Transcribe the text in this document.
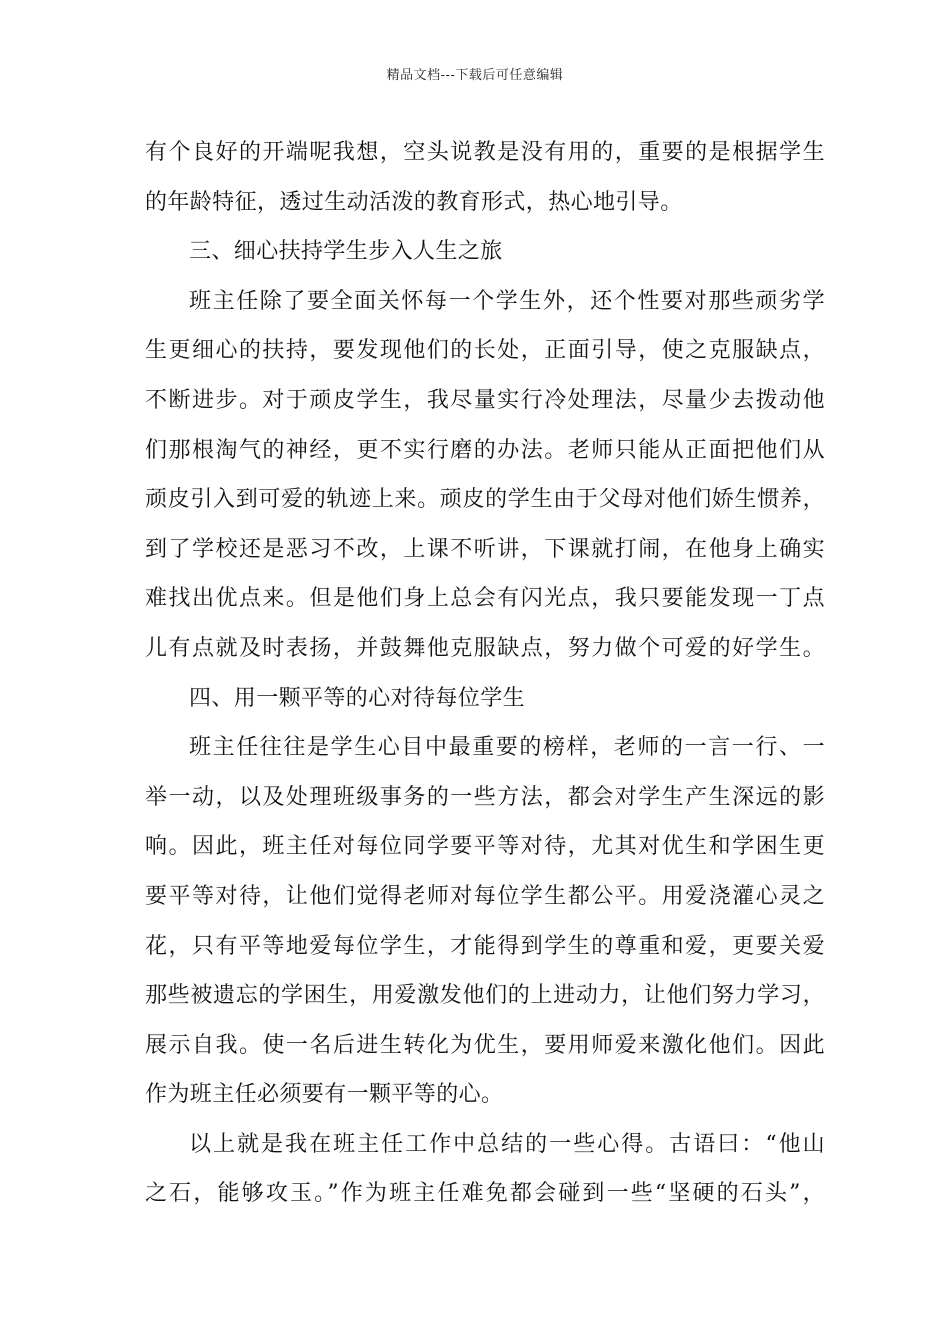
精品文档---下载后可任意编辑
有个良好的开端呢我想，空头说教是没有用的，重要的是根据学生
的年龄特征，透过生动活泼的教育形式，热心地引导。
三、细心扶持学生步入人生之旅
班主任除了要全面关怀每一个学生外，还个性要对那些顽劣学
生更细心的扶持，要发现他们的长处，正面引导，使之克服缺点，
不断进步。对于顽皮学生，我尽量实行冷处理法，尽量少去拨动他
们那根淘气的神经，更不实行磨的办法。老师只能从正面把他们从
顽皮引入到可爱的轨迹上来。顽皮的学生由于父母对他们娇生惯养，
到了学校还是恶习不改，上课不听讲，下课就打闹，在他身上确实
难找出优点来。但是他们身上总会有闪光点，我只要能发现一丁点
儿有点就及时表扬，并鼓舞他克服缺点，努力做个可爱的好学生。
四、用一颗平等的心对待每位学生
班主任往往是学生心目中最重要的榜样，老师的一言一行、一
举一动，以及处理班级事务的一些方法，都会对学生产生深远的影
响。因此，班主任对每位同学要平等对待，尤其对优生和学困生更
要平等对待，让他们觉得老师对每位学生都公平。用爱浇灌心灵之
花，只有平等地爱每位学生，才能得到学生的尊重和爱，更要关爱
那些被遗忘的学困生，用爱激发他们的上进动力，让他们努力学习，
展示自我。使一名后进生转化为优生，要用师爱来激化他们。因此
作为班主任必须要有一颗平等的心。
以上就是我在班主任工作中总结的一些心得。古语曰：“他山
之石，能够攻玉。”作为班主任难免都会碰到一些“坚硬的石头”，
